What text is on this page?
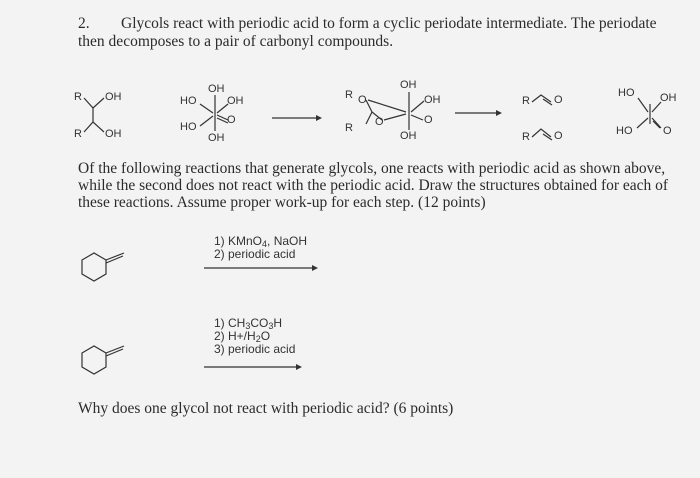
2. Glycols react with periodic acid to form a cyclic periodate intermediate. The periodate
then decomposes to a pair of carbonyl compounds.
R OH
R OH
OH
HO	OH
HO
O
OH
R O
OH
OH
R O	O
OH
R O
R O
HO OH
HO	O
Of the following reactions that generate glycols, one reacts with periodic acid as shown above,
while the second does not react with the periodic acid. Draw the structures obtained for each of
these reactions. Assume proper work-up for each step. (12 points)
1) KMnO$_4$, NaOH
2) periodic acid
1) $CH_3CO_3H$
2) $H+/H_2O$
3) periodic acid
Why does one glycol not react with periodic acid? (6 points)
